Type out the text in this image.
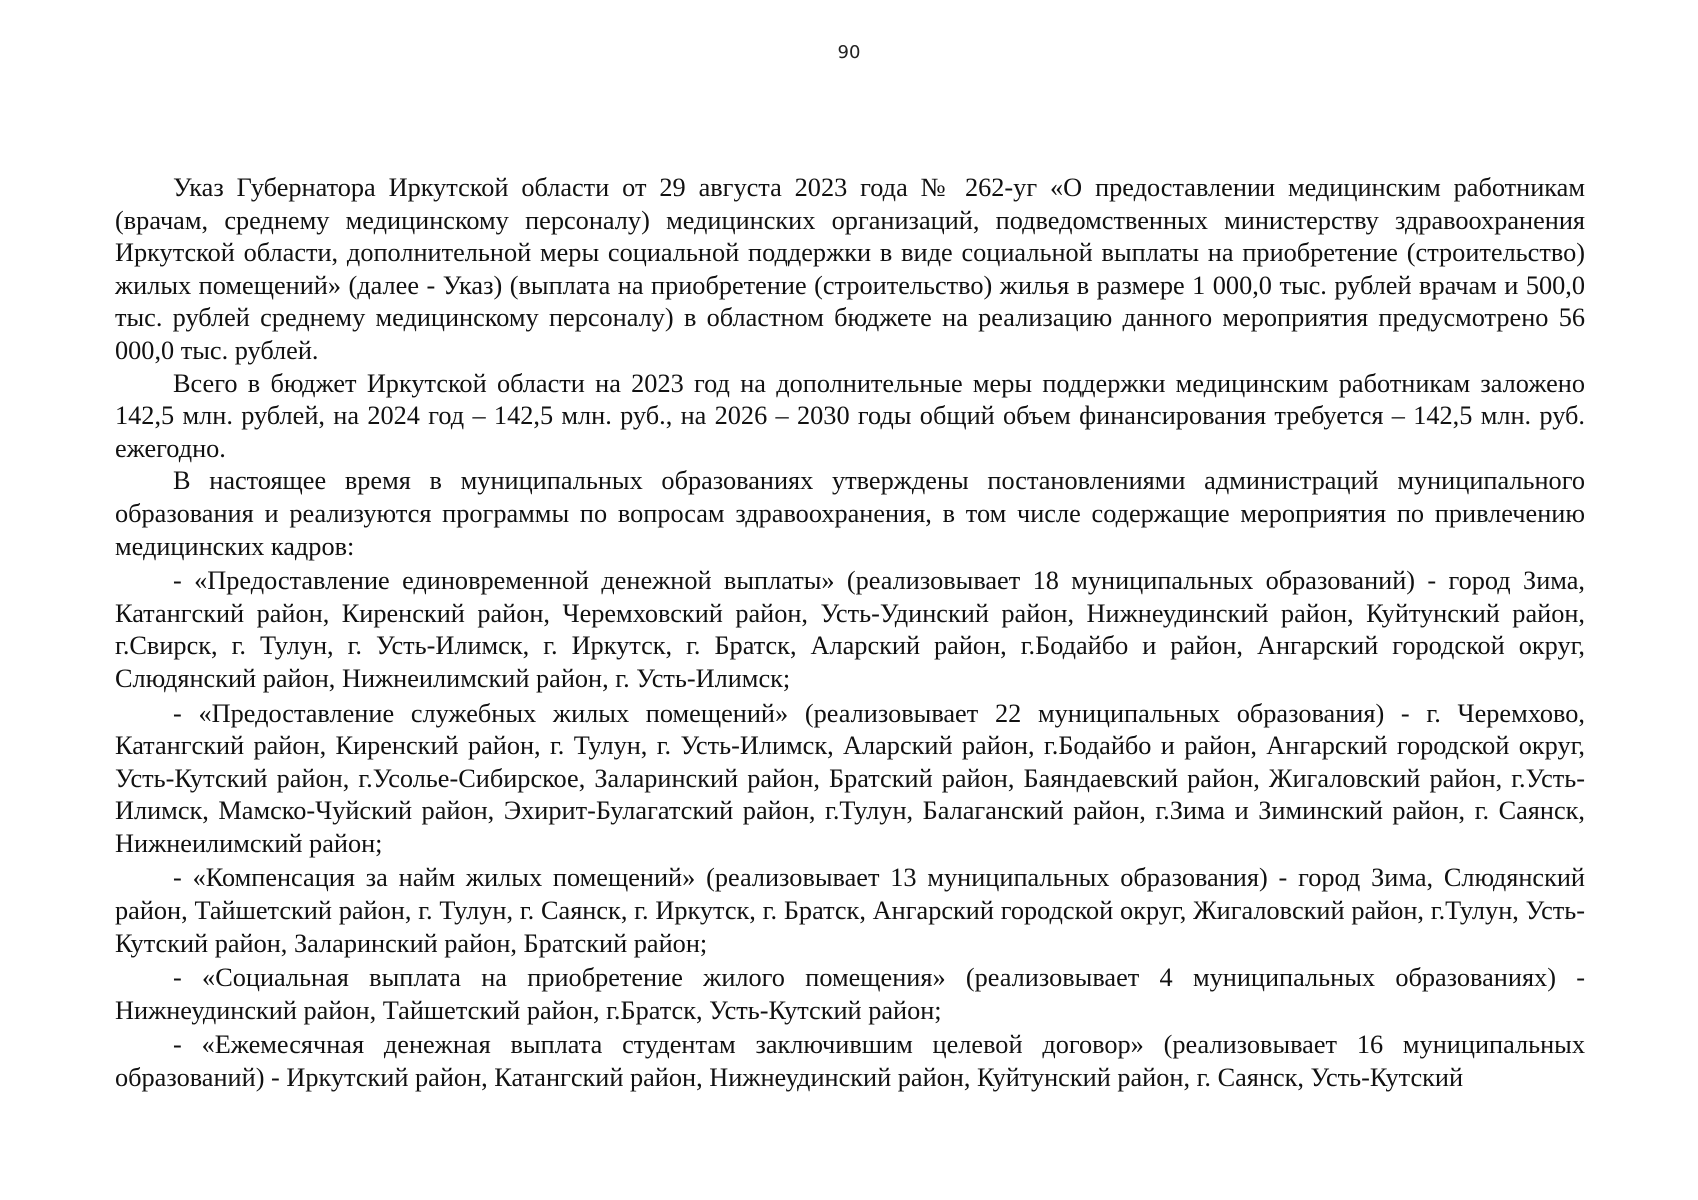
90

Указ Губернатора Иркутской области от 29 августа 2023 года № 262-уг «О предоставлении медицинским работникам (врачам, среднему медицинскому персоналу) медицинских организаций, подведомственных министерству здравоохранения Иркутской области, дополнительной меры социальной поддержки в виде социальной выплаты на приобретение (строительство) жилых помещений» (далее - Указ) (выплата на приобретение (строительство) жилья в размере 1 000,0 тыс. рублей врачам и 500,0 тыс. рублей среднему медицинскому персоналу) в областном бюджете на реализацию данного мероприятия предусмотрено 56 000,0 тыс. рублей.

Всего в бюджет Иркутской области на 2023 год на дополнительные меры поддержки медицинским работникам заложено 142,5 млн. рублей, на 2024 год – 142,5 млн. руб., на 2026 – 2030 годы общий объем финансирования требуется – 142,5 млн. руб. ежегодно.

В настоящее время в муниципальных образованиях утверждены постановлениями администраций муниципального образования и реализуются программы по вопросам здравоохранения, в том числе содержащие мероприятия по привлечению медицинских кадров:

- «Предоставление единовременной денежной выплаты» (реализовывает 18 муниципальных образований) - город Зима, Катангский район, Киренский район, Черемховский район, Усть-Удинский район, Нижнеудинский район, Куйтунский район, г.Свирск, г. Тулун, г. Усть-Илимск, г. Иркутск, г. Братск, Аларский район, г.Бодайбо и район, Ангарский городской округ, Слюдянский район, Нижнеилимский район, г. Усть-Илимск;

- «Предоставление служебных жилых помещений» (реализовывает 22 муниципальных образования) - г. Черемхово, Катангский район, Киренский район, г. Тулун, г. Усть-Илимск, Аларский район, г.Бодайбо и район, Ангарский городской округ, Усть-Кутский район, г.Усолье-Сибирское, Заларинский район, Братский район, Баяндаевский район, Жигаловский район, г.Усть-Илимск, Мамско-Чуйский район, Эхирит-Булагатский район, г.Тулун, Балаганский район, г.Зима и Зиминский район, г. Саянск, Нижнеилимский район;

- «Компенсация за найм жилых помещений» (реализовывает 13 муниципальных образования) - город Зима, Слюдянский район, Тайшетский район, г. Тулун, г. Саянск, г. Иркутск, г. Братск, Ангарский городской округ, Жигаловский район, г.Тулун, Усть-Кутский район, Заларинский район, Братский район;

- «Социальная выплата на приобретение жилого помещения» (реализовывает 4 муниципальных образованиях) - Нижнеудинский район, Тайшетский район, г.Братск, Усть-Кутский район;

- «Ежемесячная денежная выплата студентам заключившим целевой договор» (реализовывает 16 муниципальных образований) - Иркутский район, Катангский район, Нижнеудинский район, Куйтунский район, г. Саянск, Усть-Кутский
